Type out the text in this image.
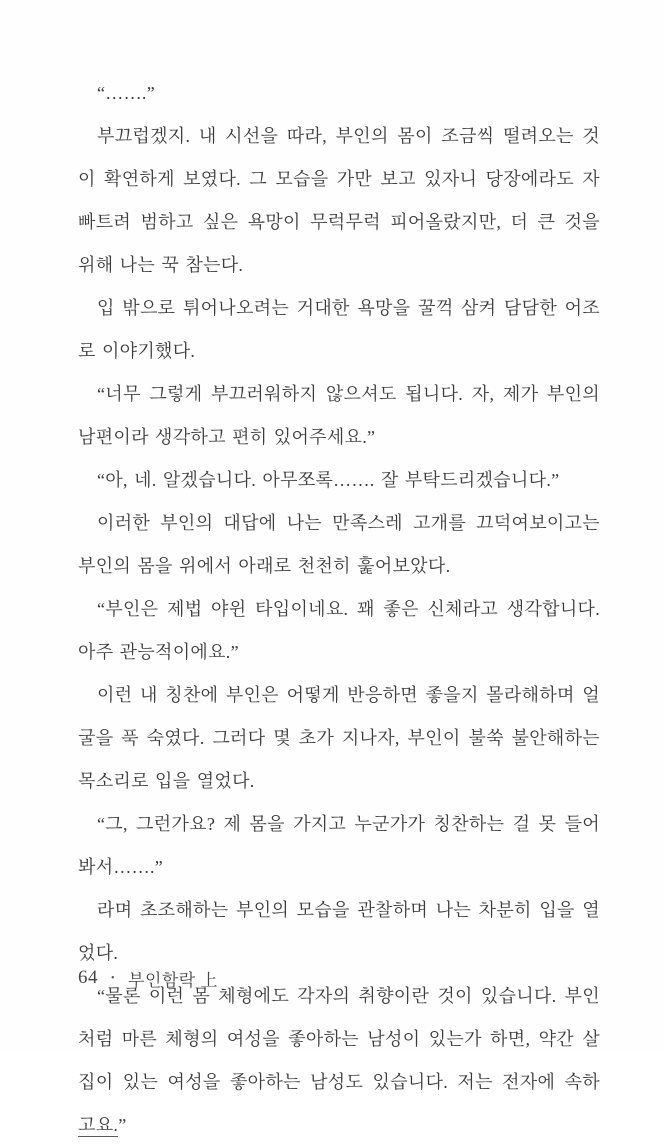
“…….”
부끄럽겠지. 내 시선을 따라, 부인의 몸이 조금씩 떨려오는 것
이 확연하게 보였다. 그 모습을 가만 보고 있자니 당장에라도 자
빠트려 범하고 싶은 욕망이 무럭무럭 피어올랐지만, 더 큰 것을
위해 나는 꾹 참는다.
입 밖으로 튀어나오려는 거대한 욕망을 꿀꺽 삼켜 담담한 어조
로 이야기했다.
“너무 그렇게 부끄러워하지 않으셔도 됩니다. 자, 제가 부인의
남편이라 생각하고 편히 있어주세요.”
“아, 네. 알겠습니다. 아무쪼록……. 잘 부탁드리겠습니다.”
이러한 부인의 대답에 나는 만족스레 고개를 끄덕여보이고는
부인의 몸을 위에서 아래로 천천히 훑어보았다.
“부인은 제법 야윈 타입이네요. 꽤 좋은 신체라고 생각합니다.
아주 관능적이에요.”
이런 내 칭찬에 부인은 어떻게 반응하면 좋을지 몰라해하며 얼
굴을 푹 숙였다. 그러다 몇 초가 지나자, 부인이 불쑥 불안해하는
목소리로 입을 열었다.
“그, 그런가요? 제 몸을 가지고 누군가가 칭찬하는 걸 못 들어
봐서…….”
라며 초조해하는 부인의 모습을 관찰하며 나는 차분히 입을 열
었다.
“물론 이런 몸 체형에도 각자의 취향이란 것이 있습니다. 부인
처럼 마른 체형의 여성을 좋아하는 남성이 있는가 하면, 약간 살
집이 있는 여성을 좋아하는 남성도 있습니다. 저는 전자에 속하
고요.”
64 • 부인함락 上
